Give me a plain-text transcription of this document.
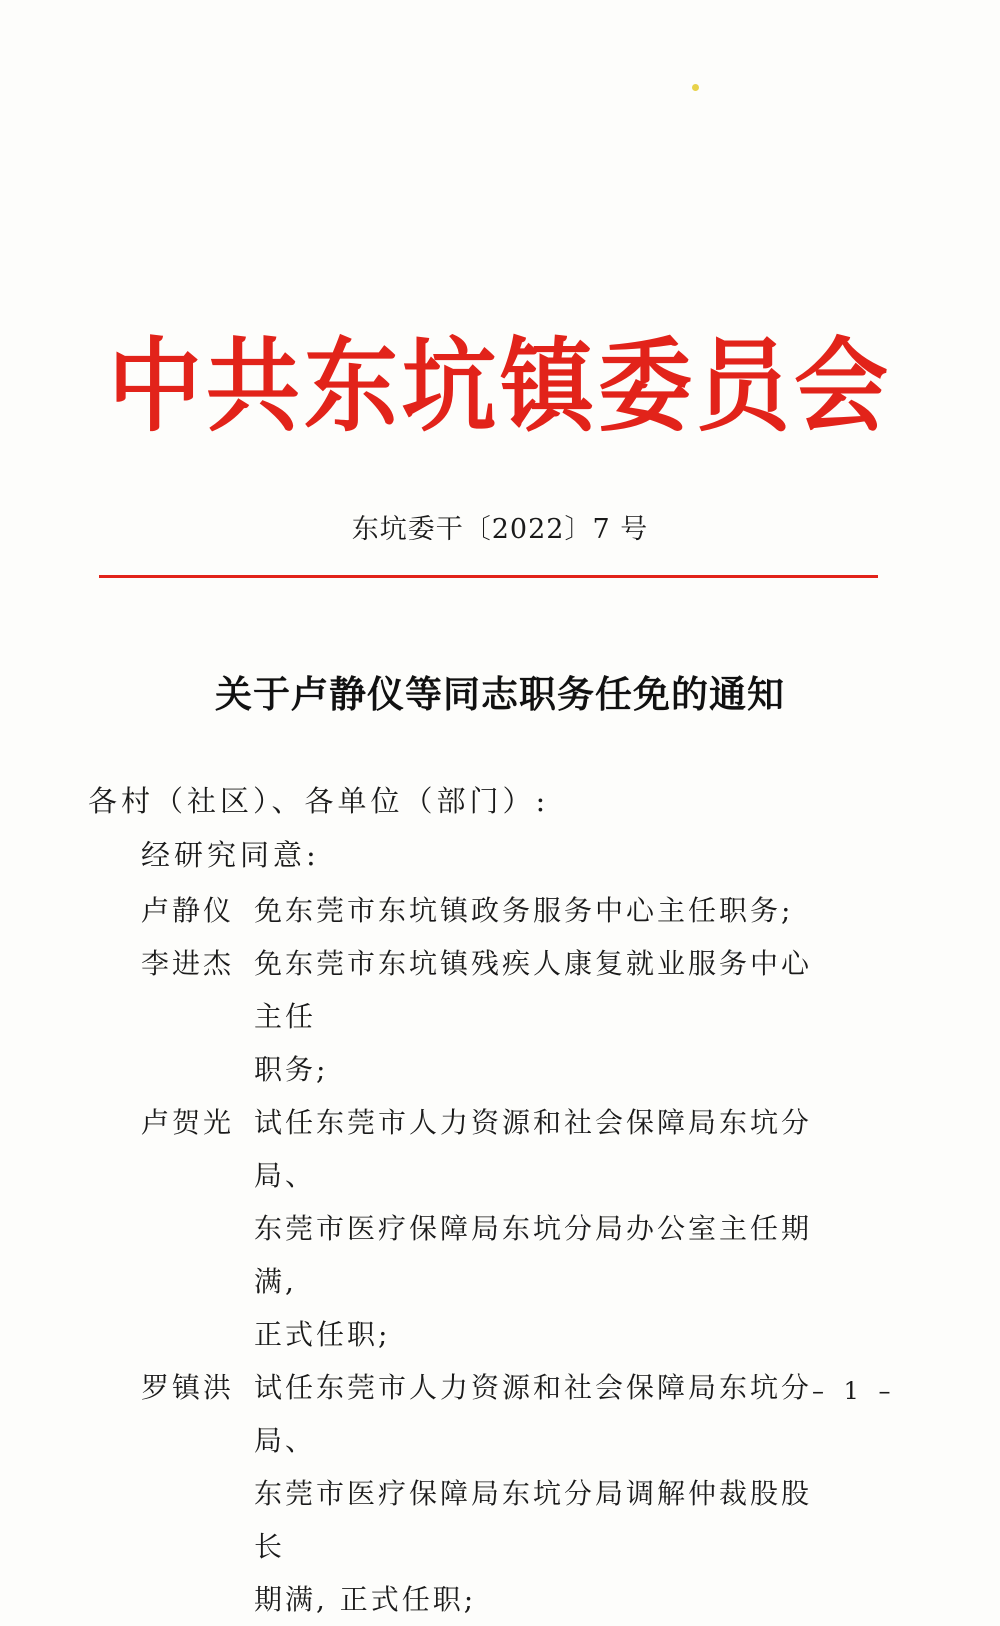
中共东坑镇委员会
东坑委干〔2022〕7 号
关于卢静仪等同志职务任免的通知
各村（社区）、各单位（部门）:
经研究同意:
卢静仪 免东莞市东坑镇政务服务中心主任职务;
李进杰 免东莞市东坑镇残疾人康复就业服务中心主任
职务;
卢贺光 试任东莞市人力资源和社会保障局东坑分局、
东莞市医疗保障局东坑分局办公室主任期满,
正式任职;
罗镇洪 试任东莞市人力资源和社会保障局东坑分局、
东莞市医疗保障局东坑分局调解仲裁股股长
期满, 正式任职;
– 1 –
